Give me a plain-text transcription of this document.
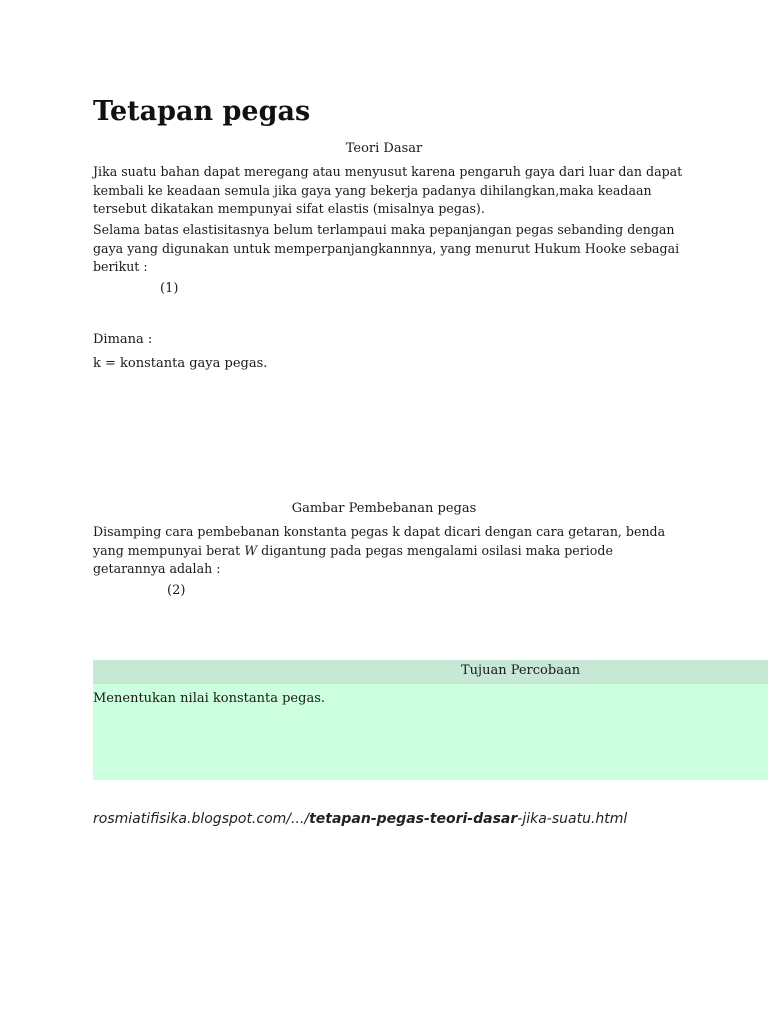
Tetapan pegas
Teori Dasar

Jika suatu bahan dapat meregang atau menyusut karena pengaruh gaya dari luar dan dapat kembali ke keadaan semula jika gaya yang bekerja padanya dihilangkan,maka keadaan tersebut dikatakan mempunyai sifat elastis (misalnya pegas).

Selama batas elastisitasnya belum terlampaui maka pepanjangan pegas sebanding dengan gaya yang digunakan untuk memperpanjangkannnya, yang menurut Hukum Hooke sebagai berikut :

(1)
Dimana :
k = konstanta gaya pegas.
Gambar Pembebanan pegas

Disamping cara pembebanan konstanta pegas k dapat dicari dengan cara getaran, benda yang mempunyai berat W digantung pada pegas mengalami osilasi maka periode getarannya adalah :

(2)
Tujuan Percobaan
Menentukan nilai konstanta pegas.
rosmiatifisika.blogspot.com/.../tetapan-pegas-teori-dasar-jika-suatu.html
